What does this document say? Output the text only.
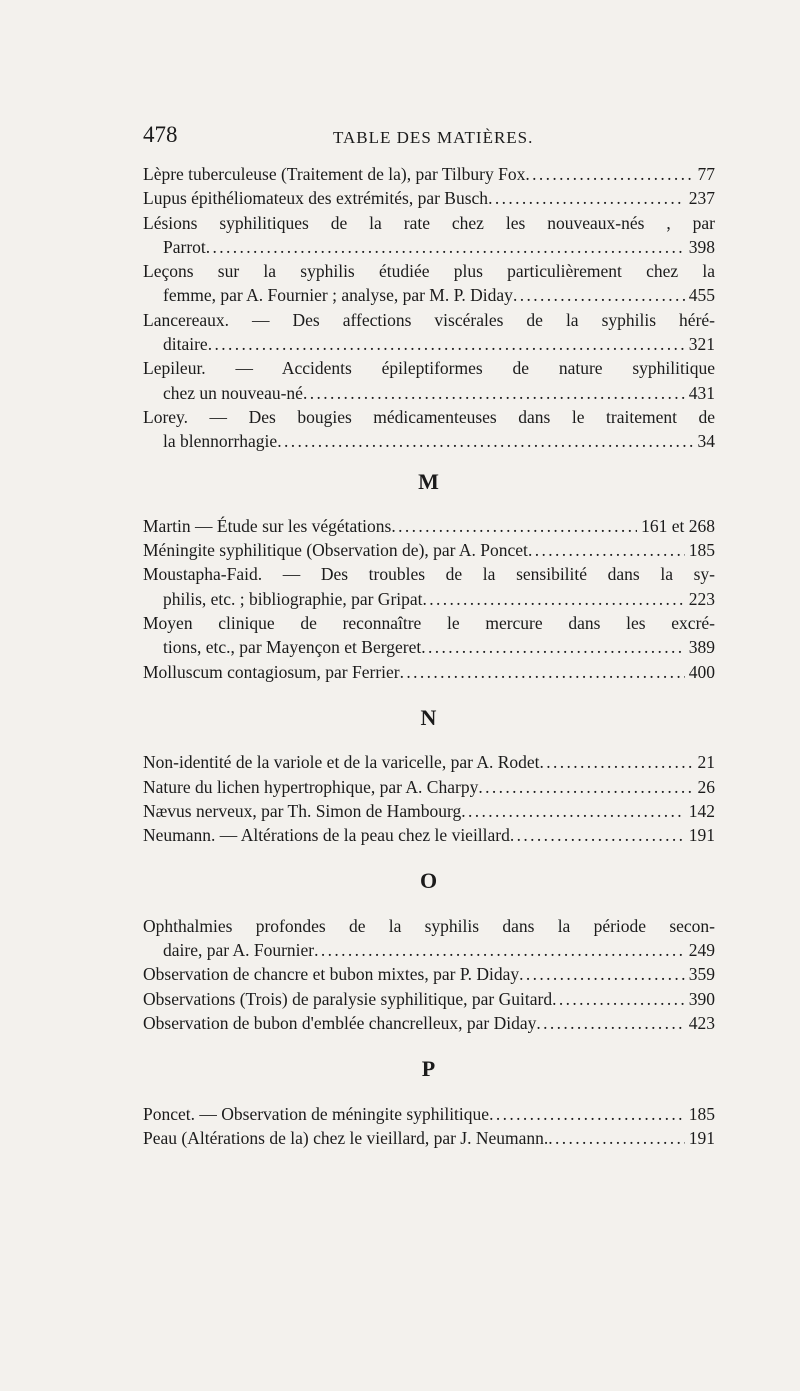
478	TABLE DES MATIÈRES.
Lèpre tuberculeuse (Traitement de la), par Tilbury Fox . . .	77
Lupus épithéliomateux des extrémités, par Busch . . .	237
Lésions syphilitiques de la rate chez les nouveaux-nés , par
Parrot . . .	398
Leçons sur la syphilis étudiée plus particulièrement chez la
femme, par A. Fournier ; analyse, par M. P. Diday . . .	455
Lancereaux. — Des affections viscérales de la syphilis héré-
ditaire . . .	321
Lepileur. — Accidents épileptiformes de nature syphilitique
chez un nouveau-né . . .	431
Lorey. — Des bougies médicamenteuses dans le traitement de
la blennorrhagie . . .	34
M
Martin — Étude sur les végétations . . .	161 et 268
Méningite syphilitique (Observation de), par A. Poncet . . .	185
Moustapha-Faid. — Des troubles de la sensibilité dans la sy-
philis, etc. ; bibliographie, par Gripat . . .	223
Moyen clinique de reconnaître le mercure dans les excré-
tions, etc., par Mayençon et Bergeret . . .	389
Molluscum contagiosum, par Ferrier . . .	400
N
Non-identité de la variole et de la varicelle, par A. Rodet . . .	21
Nature du lichen hypertrophique, par A. Charpy . . .	26
Nævus nerveux, par Th. Simon de Hambourg . . .	142
Neumann. — Altérations de la peau chez le vieillard . . .	191
O
Ophthalmies profondes de la syphilis dans la période secon-
daire, par A. Fournier . . .	249
Observation de chancre et bubon mixtes, par P. Diday . . .	359
Observations (Trois) de paralysie syphilitique, par Guitard . . .	390
Observation de bubon d'emblée chancrelleux, par Diday . . .	423
P
Poncet. — Observation de méningite syphilitique . . .	185
Peau (Altérations de la) chez le vieillard, par J. Neumann. . . .	191
